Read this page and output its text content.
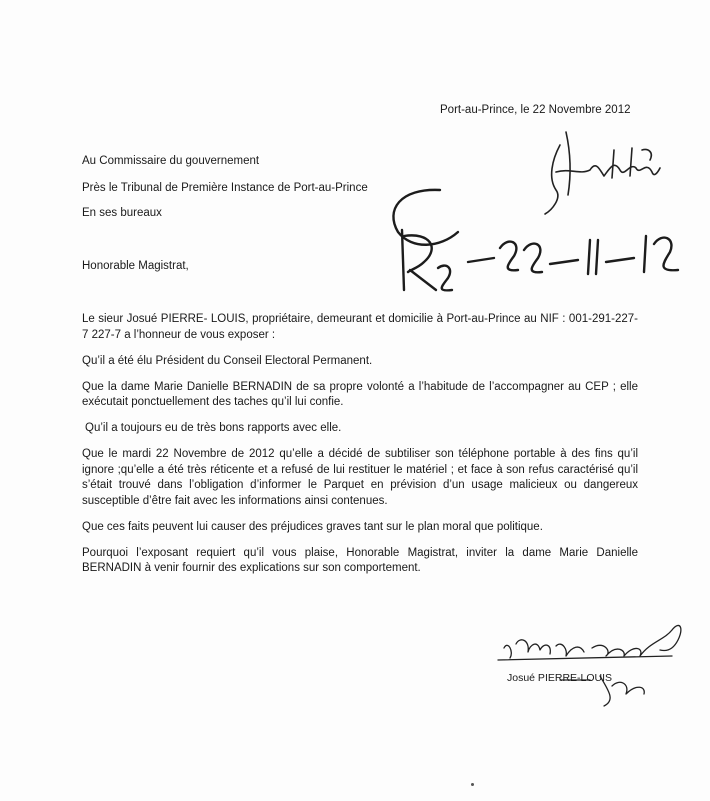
Port-au-Prince, le 22 Novembre 2012
Au Commissaire du gouvernement
Près le Tribunal de Première Instance de Port-au-Prince
En ses bureaux
Honorable Magistrat,

Le sieur Josué PIERRE- LOUIS, propriétaire, demeurant et domicilie à Port-au-Prince au NIF : 001-291-227-7 227-7 a l’honneur de vous exposer :

Qu’il a été élu Président du Conseil Electoral Permanent.

Que la dame Marie Danielle BERNADIN de sa propre volonté a l’habitude de l’accompagner au CEP ; elle exécutait ponctuellement des taches qu’il lui confie.

Qu’il a toujours eu de très bons rapports avec elle.

Que le mardi 22 Novembre de 2012 qu’elle a décidé de subtiliser son téléphone portable à des fins qu’il ignore ;qu’elle a été très réticente et a refusé de lui restituer le matériel ; et face à son refus caractérisé qu’il s’était trouvé dans l’obligation d’informer le Parquet en prévision d’un usage malicieux ou dangereux susceptible d’être fait avec les informations ainsi contenues.

Que ces faits peuvent lui causer des préjudices graves tant sur le plan moral que politique.

Pourquoi l’exposant requiert qu’il vous plaise, Honorable Magistrat, inviter la dame Marie Danielle BERNADIN à venir fournir des explications sur son comportement.

Josué PIERRE-LOUIS
